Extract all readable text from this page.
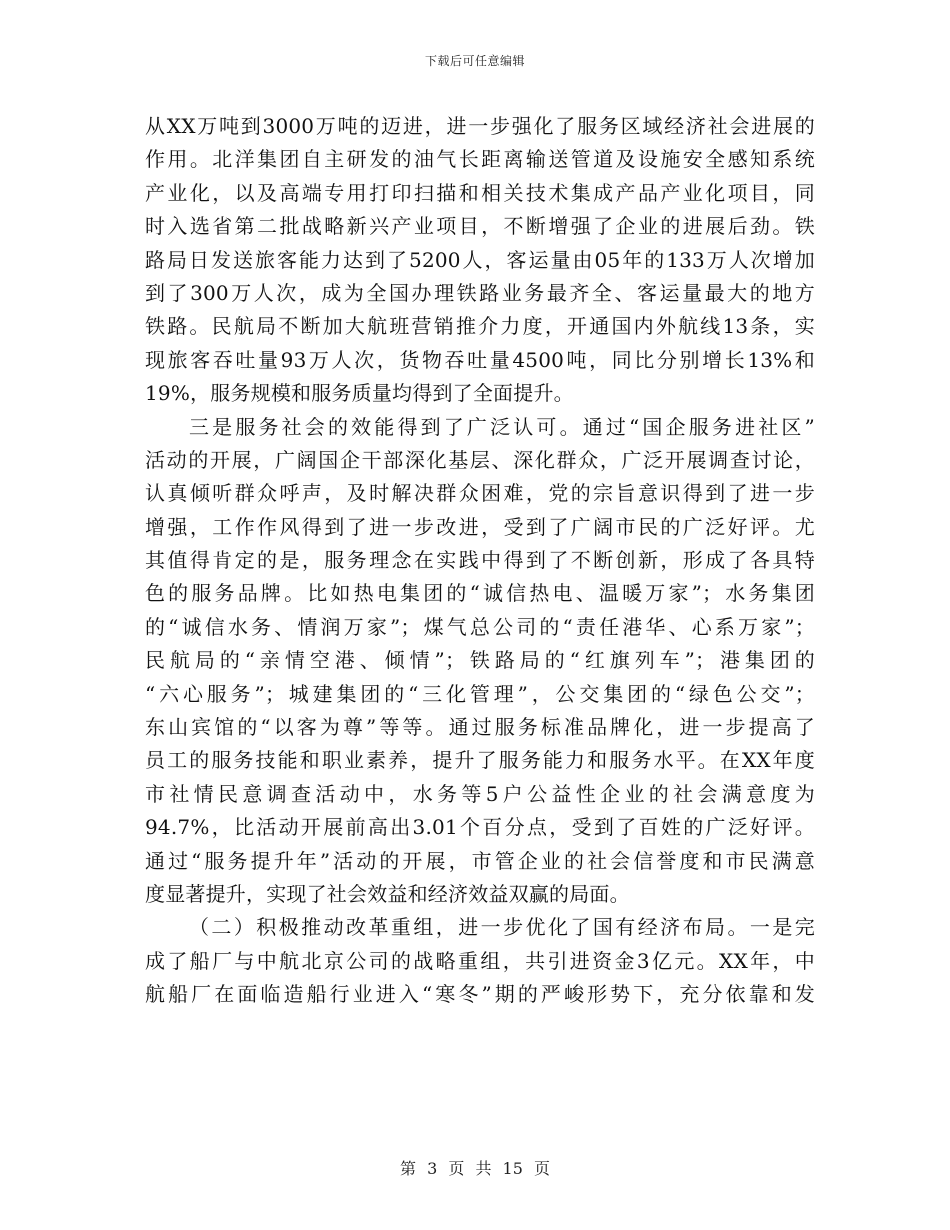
下载后可任意编辑
从XX万吨到3000万吨的迈进，进一步强化了服务区域经济社会进展的
作用。北洋集团自主研发的油气长距离输送管道及设施安全感知系统
产业化，以及高端专用打印扫描和相关技术集成产品产业化项目，同
时入选省第二批战略新兴产业项目，不断增强了企业的进展后劲。铁
路局日发送旅客能力达到了5200人，客运量由05年的133万人次增加
到了300万人次，成为全国办理铁路业务最齐全、客运量最大的地方
铁路。民航局不断加大航班营销推介力度，开通国内外航线13条，实
现旅客吞吐量93万人次，货物吞吐量4500吨，同比分别增长13%和
19%，服务规模和服务质量均得到了全面提升。
三是服务社会的效能得到了广泛认可。通过“国企服务进社区”
活动的开展，广阔国企干部深化基层、深化群众，广泛开展调查讨论，
认真倾听群众呼声，及时解决群众困难，党的宗旨意识得到了进一步
增强，工作作风得到了进一步改进，受到了广阔市民的广泛好评。尤
其值得肯定的是，服务理念在实践中得到了不断创新，形成了各具特
色的服务品牌。比如热电集团的“诚信热电、温暖万家”；水务集团
的“诚信水务、情润万家”；煤气总公司的“责任港华、心系万家”；
民航局的“亲情空港、倾情”；铁路局的“红旗列车”；港集团的
“六心服务”；城建集团的“三化管理”，公交集团的“绿色公交”；
东山宾馆的“以客为尊”等等。通过服务标准品牌化，进一步提高了
员工的服务技能和职业素养，提升了服务能力和服务水平。在XX年度
市社情民意调查活动中，水务等5户公益性企业的社会满意度为
94.7%，比活动开展前高出3.01个百分点，受到了百姓的广泛好评。
通过“服务提升年”活动的开展，市管企业的社会信誉度和市民满意
度显著提升，实现了社会效益和经济效益双赢的局面。
（二）积极推动改革重组，进一步优化了国有经济布局。一是完
成了船厂与中航北京公司的战略重组，共引进资金3亿元。XX年，中
航船厂在面临造船行业进入“寒冬”期的严峻形势下，充分依靠和发
第 3 页 共 15 页
